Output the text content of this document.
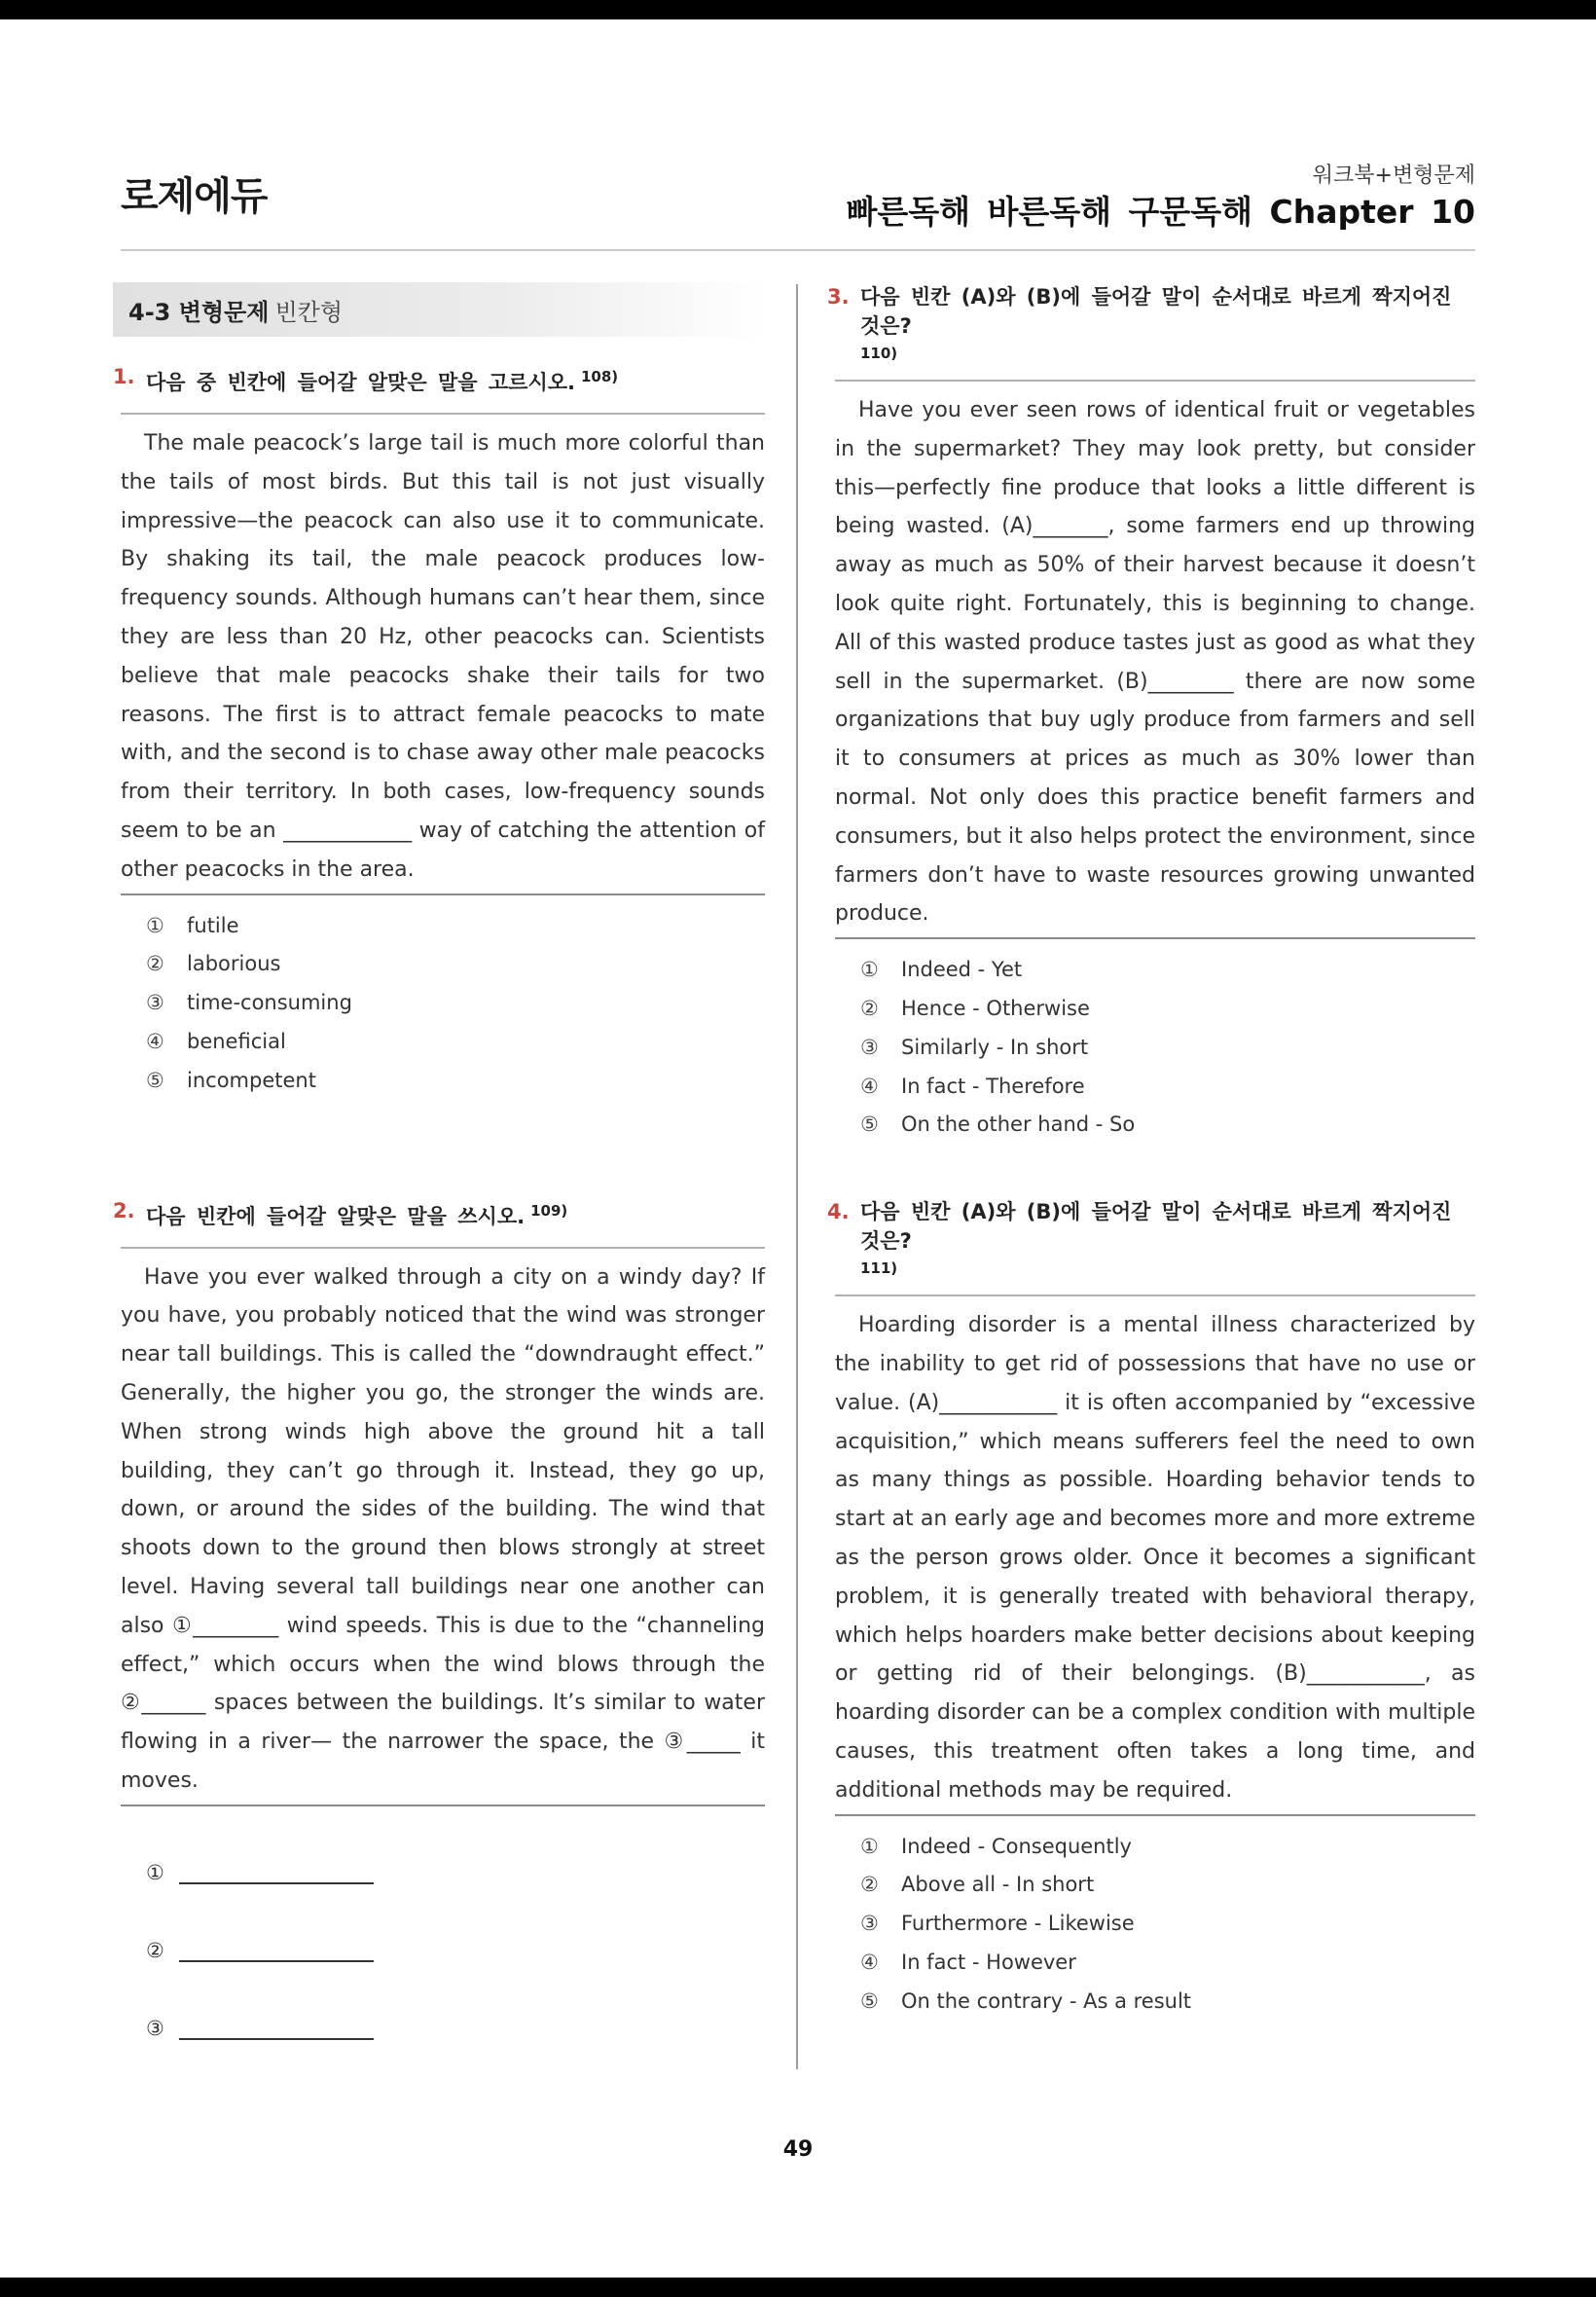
로제에듀	워크북+변형문제
빠른독해 바른독해 구문독해 Chapter 10
4-3 변형문제 빈칸형
1. 다음 중 빈칸에 들어갈 알맞은 말을 고르시오. $^{108)}$

The male peacock’s large tail is much more colorful than the tails of most birds. But this tail is not just visually impressive—the peacock can also use it to communicate. By shaking its tail, the male peacock produces low-frequency sounds. Although humans can’t hear them, since they are less than 20 Hz, other peacocks can. Scientists believe that male peacocks shake their tails for two reasons. The first is to attract female peacocks to mate with, and the second is to chase away other male peacocks from their territory. In both cases, low-frequency sounds seem to be an ____________ way of catching the attention of other peacocks in the area.

①	futile
②	laborious
③	time-consuming
④	beneficial
⑤	incompetent
2. 다음 빈칸에 들어갈 알맞은 말을 쓰시오. $^{109)}$

Have you ever walked through a city on a windy day? If you have, you probably noticed that the wind was stronger near tall buildings. This is called the “downdraught effect.” Generally, the higher you go, the stronger the winds are. When strong winds high above the ground hit a tall building, they can’t go through it. Instead, they go up, down, or around the sides of the building. The wind that shoots down to the ground then blows strongly at street level. Having several tall buildings near one another can also ①________ wind speeds. This is due to the “channeling effect,” which occurs when the wind blows through the ②______ spaces between the buildings. It’s similar to water flowing in a river— the narrower the space, the ③_____ it moves.

①
②
③
3. 다음 빈칸 (A)와 (B)에 들어갈 말이 순서대로 바르게 짝지어진 것은?
110)

Have you ever seen rows of identical fruit or vegetables in the supermarket? They may look pretty, but consider this—perfectly fine produce that looks a little different is being wasted. (A)_______, some farmers end up throwing away as much as 50% of their harvest because it doesn’t look quite right. Fortunately, this is beginning to change. All of this wasted produce tastes just as good as what they sell in the supermarket. (B)________ there are now some organizations that buy ugly produce from farmers and sell it to consumers at prices as much as 30% lower than normal. Not only does this practice benefit farmers and consumers, but it also helps protect the environment, since farmers don’t have to waste resources growing unwanted produce.

①	Indeed - Yet
②	Hence - Otherwise
③	Similarly - In short
④	In fact - Therefore
⑤	On the other hand - So
4. 다음 빈칸 (A)와 (B)에 들어갈 말이 순서대로 바르게 짝지어진 것은?
111)

Hoarding disorder is a mental illness characterized by the inability to get rid of possessions that have no use or value. (A)___________ it is often accompanied by “excessive acquisition,” which means sufferers feel the need to own as many things as possible. Hoarding behavior tends to start at an early age and becomes more and more extreme as the person grows older. Once it becomes a significant problem, it is generally treated with behavioral therapy, which helps hoarders make better decisions about keeping or getting rid of their belongings. (B)___________, as hoarding disorder can be a complex condition with multiple causes, this treatment often takes a long time, and additional methods may be required.

①	Indeed - Consequently
②	Above all - In short
③	Furthermore - Likewise
④	In fact - However
⑤	On the contrary - As a result
49
